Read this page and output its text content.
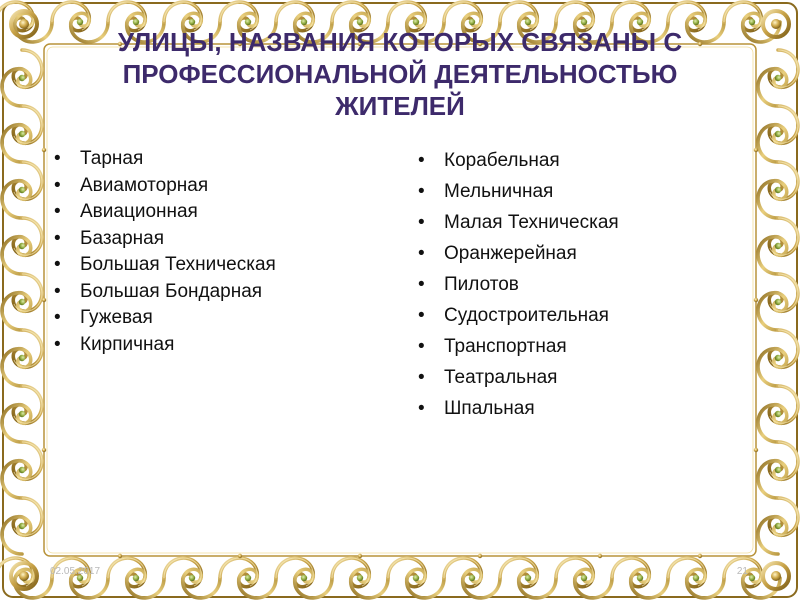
УЛИЦЫ, НАЗВАНИЯ КОТОРЫХ СВЯЗАНЫ С ПРОФЕССИОНАЛЬНОЙ ДЕЯТЕЛЬНОСТЬЮ ЖИТЕЛЕЙ
• Тарная
• Авиамоторная
• Авиационная
• Базарная
• Большая Техническая
• Большая Бондарная
• Гужевая
• Кирпичная
• Корабельная
• Мельничная
• Малая Техническая
• Оранжерейная
• Пилотов
• Судостроительная
• Транспортная
• Театральная
• Шпальная
02.05.2017	21
